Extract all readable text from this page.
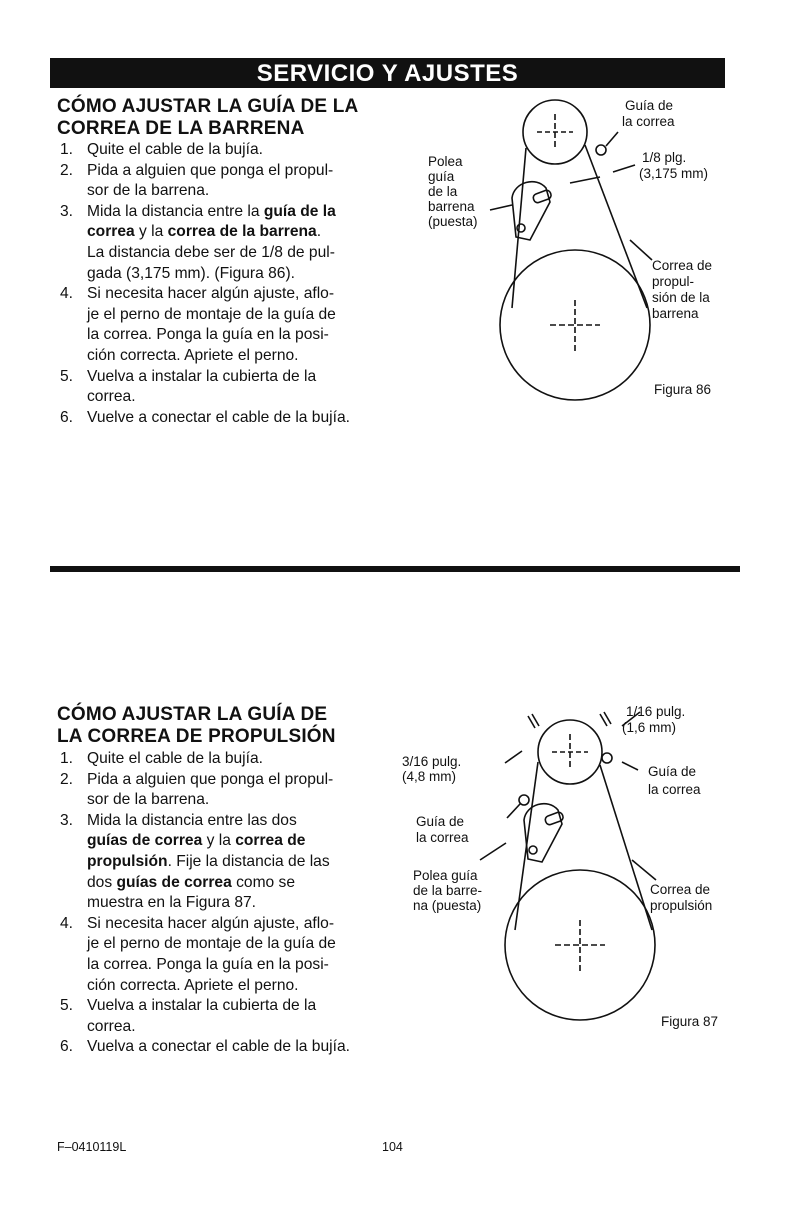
SERVICIO Y AJUSTES
CÓMO AJUSTAR LA GUÍA DE LA
CORREA DE LA BARRENA
1. Quite el cable de la bujía.
2. Pida a alguien que ponga el propul-
sor de la barrena.
3. Mida la distancia entre la guía de la
correa y la correa de la barrena.
La distancia debe ser de 1/8 de pul-
gada (3,175 mm). (Figura 86).
4. Si necesita hacer algún ajuste, aflo-
je el perno de montaje de la guía de
la correa. Ponga la guía en la posi-
ción correcta. Apriete el perno.
5. Vuelva a instalar la cubierta de la
correa.
6. Vuelve a conectar el cable de la bujía.
Polea guía de la barrena (puesta)
Guía de la correa
1/8 plg. (3,175 mm)
Correa de propul- sión de la barrena
Figura 86
CÓMO AJUSTAR LA GUÍA DE
LA CORREA DE PROPULSIÓN
1. Quite el cable de la bujía.
2. Pida a alguien que ponga el propul-
sor de la barrena.
3. Mida la distancia entre las dos
guías de correa y la correa de
propulsión. Fije la distancia de las
dos guías de correa como se
muestra en la Figura 87.
4. Si necesita hacer algún ajuste, aflo-
je el perno de montaje de la guía de
la correa. Ponga la guía en la posi-
ción correcta. Apriete el perno.
5. Vuelva a instalar la cubierta de la
correa.
6. Vuelva a conectar el cable de la bujía.
3/16 pulg. (4,8 mm)
1/16 pulg. (1,6 mm)
Guía de la correa
Guía de la correa
Polea guía de la barre- na (puesta)
Correa de propulsión
Figura 87
F–0410119L	104
